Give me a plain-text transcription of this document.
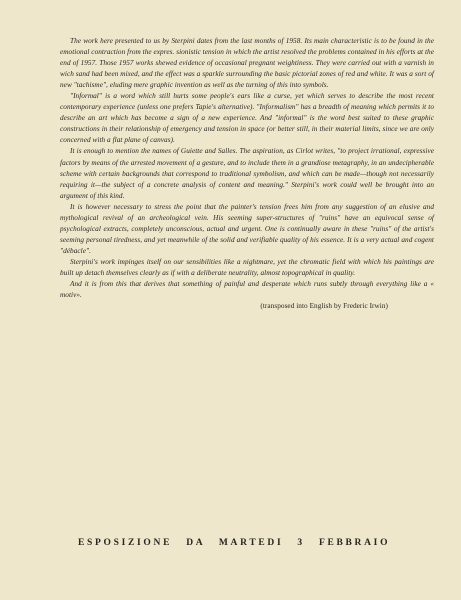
The work here presented to us by Sterpini dates from the last months of 1958. Its main characteristic is to be found in the emotional contraction from the expres. sionistic tension in which the artist resolved the problems contained in his efforts at the end of 1957. Those 1957 works shewed evidence of occasional pregnant weightiness. They were carried out with a varnish in wich sand had been mixed, and the effect was a sparkle surrounding the basic pictorial zones of red and white. It was a sort of new "tachisme", eluding mere graphic invention as well as the turning of this into symbols.

"Informal" is a word which still hurts some people's ears like a curse, yet which serves to describe the most recent contemporary experience (unless one prefers Tapie's alternative). "Informalism" has a breadth of meaning which permits it to describe an art which has become a sign of a new experience. And "informal" is the word best suited to these graphic constructions in their relationship of emergency and tension in space (or better still, in their material limits, since we are only concerned with a flat plane of canvas).

It is enough to mention the names of Guiette and Salles. The aspiration, as Cirlot writes, "to project irrational, expressive factors by means of the arrested movement of a gesture, and to include them in a grandiose metagraphy, in an undecipherable scheme with certain backgrounds that correspond to traditional symbolism, and which can be made—though not necessarily requiring it—the subject of a concrete analysis of content and meaning." Sterpini's work could well be brought into an argument of this kind.

It is however necessary to stress the point that the painter's tension frees him from any suggestion of an elusive and mythological revival of an archeological vein. His seeming super-structures of "ruins" have an equivocal sense of psychological extracts, completely unconscious, actual and urgent. One is continually aware in these "ruins" of the artist's seeming personal tiredness, and yet meanwhile of the solid and verifiable quality of his essence. It is a very actual and cogent "débacle".

Sterpini's work impinges itself on our sensibilities like a nightmare, yet the chromatic field with which his paintings are built up detach themselves clearly as if with a deliberate neutrality, almost topographical in quality.

And it is from this that derives that something of painful and desperate which runs subtly through everything like a « motiv».

(transposed into English by Frederic Irwin)

ESPOSIZIONE DA MARTEDI 3 FEBBRAIO
